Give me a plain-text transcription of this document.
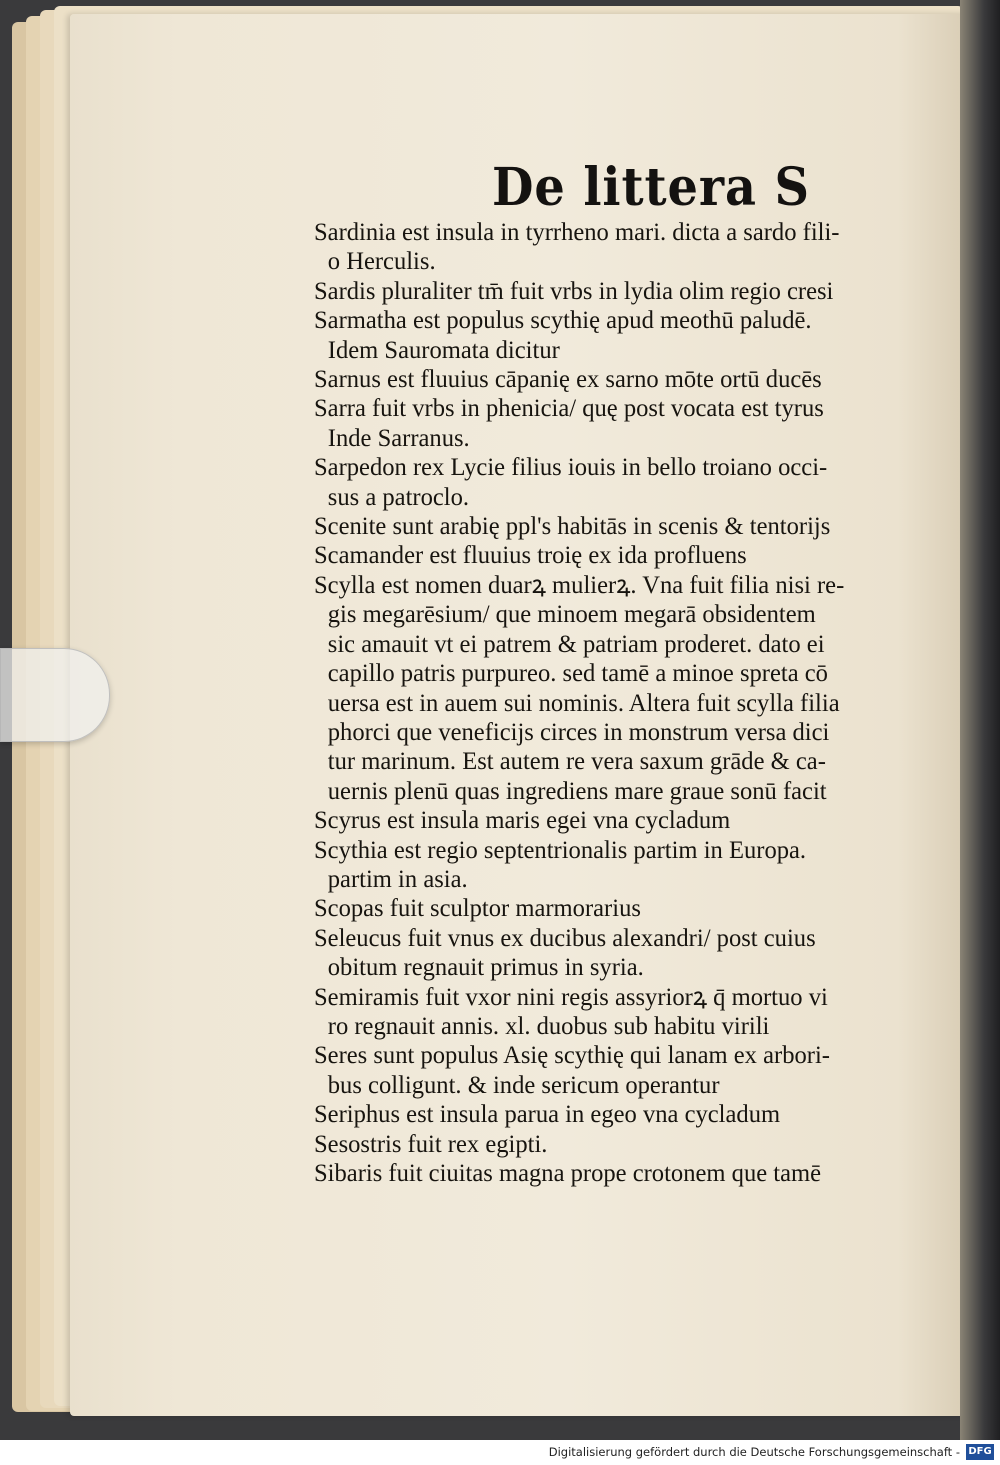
De littera S
Sardinia est insula in tyrrheno mari. dicta a sardo fili-
o Herculis.
Sardis pluraliter tm̄ fuit vrbs in lydia olim regio cresi
Sarmatha est populus scythię apud meothū paludē.
Idem Sauromata dicitur
Sarnus est fluuius cāpanię ex sarno mōte ortū ducēs
Sarra fuit vrbs in phenicia/ quę post vocata est tyrus
Inde Sarranus.
Sarpedon rex Lycie filius iouis in bello troiano occi-
sus a patroclo.
Scenite sunt arabię ppl's habitās in scenis & tentorijs
Scamander est fluuius troię ex ida profluens
Scylla est nomen duarꝝ mulierꝝ. Vna fuit filia nisi re-
gis megarēsium/ que minoem megarā obsidentem
sic amauit vt ei patrem & patriam proderet. dato ei
capillo patris purpureo. sed tamē a minoe spreta cō
uersa est in auem sui nominis. Altera fuit scylla filia
phorci que veneficijs circes in monstrum versa dici
tur marinum. Est autem re vera saxum grāde & ca-
uernis plenū quas ingrediens mare graue sonū facit
Scyrus est insula maris egei vna cycladum
Scythia est regio septentrionalis partim in Europa.
partim in asia.
Scopas fuit sculptor marmorarius
Seleucus fuit vnus ex ducibus alexandri/ post cuius
obitum regnauit primus in syria.
Semiramis fuit vxor nini regis assyriorꝝ q̄ mortuo vi
ro regnauit annis. xl. duobus sub habitu virili
Seres sunt populus Asię scythię qui lanam ex arbori-
bus colligunt. & inde sericum operantur
Seriphus est insula parua in egeo vna cycladum
Sesostris fuit rex egipti.
Sibaris fuit ciuitas magna prope crotonem que tamē
Digitalisierung gefördert durch die Deutsche Forschungsgemeinschaft - DFG
